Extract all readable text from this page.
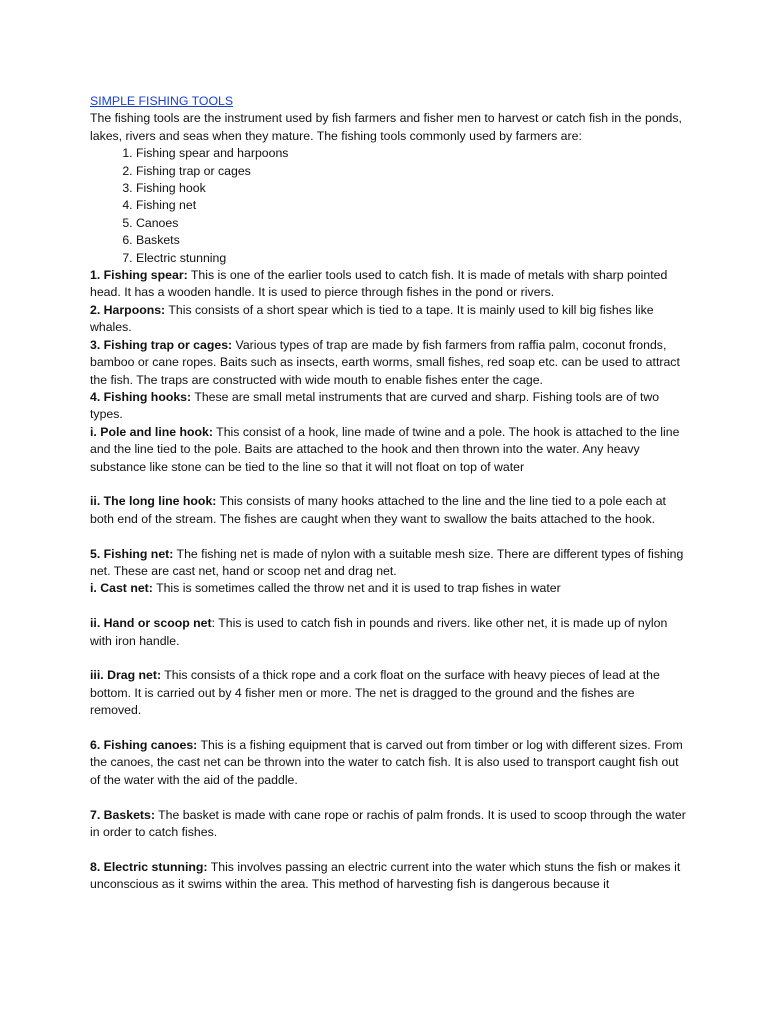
SIMPLE FISHING TOOLS

The fishing tools are the instrument used by fish farmers and fisher men to harvest or catch fish in the ponds, lakes, rivers and seas when they mature. The fishing tools commonly used by farmers are:

1. Fishing spear and harpoons
2. Fishing trap or cages
3. Fishing hook
4. Fishing net
5. Canoes
6. Baskets
7. Electric stunning

1. Fishing spear: This is one of the earlier tools used to catch fish. It is made of metals with sharp pointed head. It has a wooden handle. It is used to pierce through fishes in the pond or rivers.

2. Harpoons: This consists of a short spear which is tied to a tape. It is mainly used to kill big fishes like whales.

3. Fishing trap or cages: Various types of trap are made by fish farmers from raffia palm, coconut fronds, bamboo or cane ropes. Baits such as insects, earth worms, small fishes, red soap etc. can be used to attract the fish. The traps are constructed with wide mouth to enable fishes enter the cage.

4. Fishing hooks: These are small metal instruments that are curved and sharp. Fishing tools are of two types.

i. Pole and line hook: This consist of a hook, line made of twine and a pole. The hook is attached to the line and the line tied to the pole. Baits are attached to the hook and then thrown into the water. Any heavy substance like stone can be tied to the line so that it will not float on top of water

ii. The long line hook: This consists of many hooks attached to the line and the line tied to a pole each at both end of the stream. The fishes are caught when they want to swallow the baits attached to the hook.

5. Fishing net: The fishing net is made of nylon with a suitable mesh size. There are different types of fishing net. These are cast net, hand or scoop net and drag net.

i. Cast net: This is sometimes called the throw net and it is used to trap fishes in water

ii. Hand or scoop net: This is used to catch fish in pounds and rivers. like other net, it is made up of nylon with iron handle.

iii. Drag net: This consists of a thick rope and a cork float on the surface with heavy pieces of lead at the bottom. It is carried out by 4 fisher men or more. The net is dragged to the ground and the fishes are removed.

6. Fishing canoes: This is a fishing equipment that is carved out from timber or log with different sizes. From the canoes, the cast net can be thrown into the water to catch fish. It is also used to transport caught fish out of the water with the aid of the paddle.

7. Baskets: The basket is made with cane rope or rachis of palm fronds. It is used to scoop through the water in order to catch fishes.

8. Electric stunning: This involves passing an electric current into the water which stuns the fish or makes it unconscious as it swims within the area. This method of harvesting fish is dangerous because it
